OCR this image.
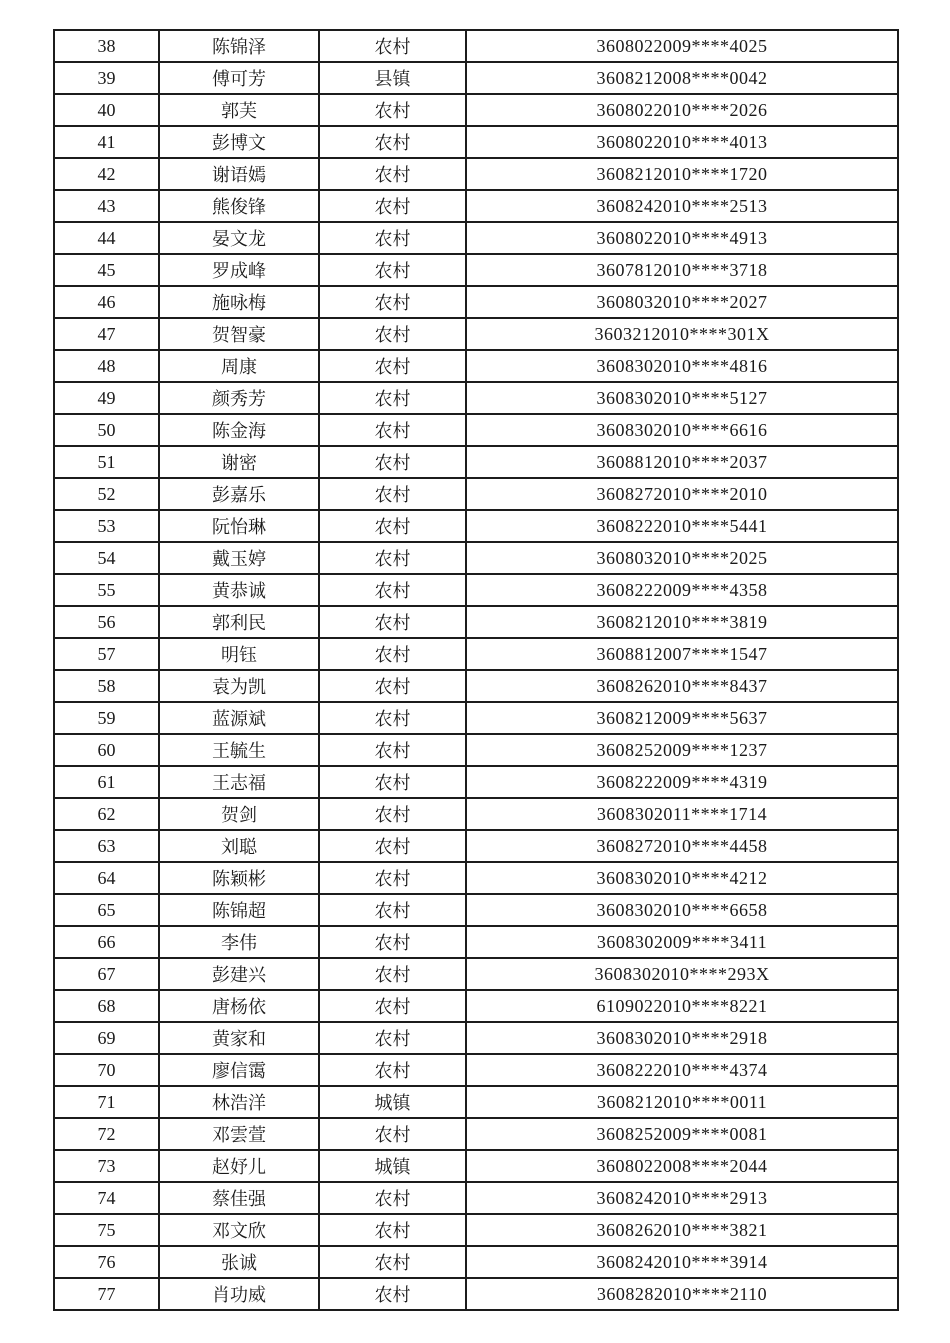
38	陈锦泽	农村	3608022009****4025
39	傅可芳	县镇	3608212008****0042
40	郭芙	农村	3608022010****2026
41	彭博文	农村	3608022010****4013
42	谢语嫣	农村	3608212010****1720
43	熊俊锋	农村	3608242010****2513
44	晏文龙	农村	3608022010****4913
45	罗成峰	农村	3607812010****3718
46	施咏梅	农村	3608032010****2027
47	贺智豪	农村	3603212010****301X
48	周康	农村	3608302010****4816
49	颜秀芳	农村	3608302010****5127
50	陈金海	农村	3608302010****6616
51	谢密	农村	3608812010****2037
52	彭嘉乐	农村	3608272010****2010
53	阮怡琳	农村	3608222010****5441
54	戴玉婷	农村	3608032010****2025
55	黄恭诚	农村	3608222009****4358
56	郭利民	农村	3608212010****3819
57	明钰	农村	3608812007****1547
58	袁为凯	农村	3608262010****8437
59	蓝源斌	农村	3608212009****5637
60	王毓生	农村	3608252009****1237
61	王志福	农村	3608222009****4319
62	贺剑	农村	3608302011****1714
63	刘聪	农村	3608272010****4458
64	陈颖彬	农村	3608302010****4212
65	陈锦超	农村	3608302010****6658
66	李伟	农村	3608302009****3411
67	彭建兴	农村	3608302010****293X
68	唐杨依	农村	6109022010****8221
69	黄家和	农村	3608302010****2918
70	廖信霭	农村	3608222010****4374
71	林浩洋	城镇	3608212010****0011
72	邓雲萱	农村	3608252009****0081
73	赵妤儿	城镇	3608022008****2044
74	蔡佳强	农村	3608242010****2913
75	邓文欣	农村	3608262010****3821
76	张诚	农村	3608242010****3914
77	肖功威	农村	3608282010****2110
